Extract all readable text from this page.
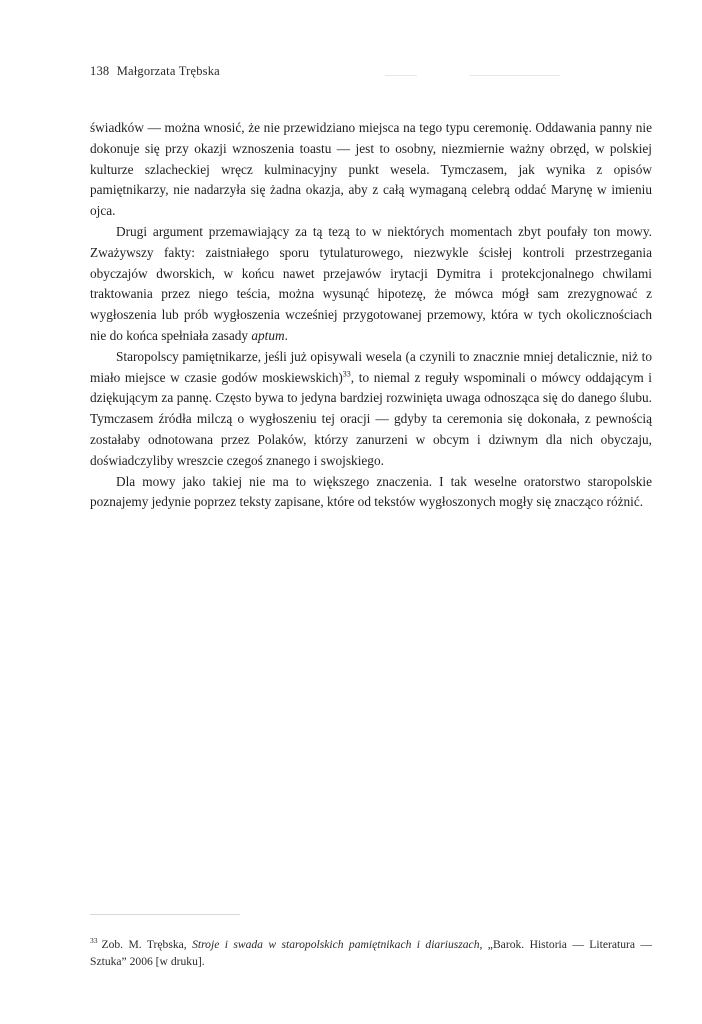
138 Małgorzata Trębska

świadków — można wnosić, że nie przewidziano miejsca na tego typu ceremonię. Oddawania panny nie dokonuje się przy okazji wznoszenia toastu — jest to osobny, niezmiernie ważny obrzęd, w polskiej kulturze szlacheckiej wręcz kulminacyjny punkt wesela. Tymczasem, jak wynika z opisów pamiętnikarzy, nie nadarzyła się żadna okazja, aby z całą wymaganą celebrą oddać Marynę w imieniu ojca.

Drugi argument przemawiający za tą tezą to w niektórych momentach zbyt poufały ton mowy. Zważywszy fakty: zaistniałego sporu tytulaturowego, niezwykle ścisłej kontroli przestrzegania obyczajów dworskich, w końcu nawet przejawów irytacji Dymitra i protekcjonalnego chwilami traktowania przez niego teścia, można wysunąć hipotezę, że mówca mógł sam zrezygnować z wygłoszenia lub prób wygłoszenia wcześniej przygotowanej przemowy, która w tych okolicznościach nie do końca spełniała zasady aptum.

Staropolscy pamiętnikarze, jeśli już opisywali wesela (a czynili to znacznie mniej detalicznie, niż to miało miejsce w czasie godów moskiewskich)$^{33}$, to niemal z reguły wspominali o mówcy oddającym i dziękującym za pannę. Często bywa to jedyna bardziej rozwinięta uwaga odnosząca się do danego ślubu. Tymczasem źródła milczą o wygłoszeniu tej oracji — gdyby ta ceremonia się dokonała, z pewnością zostałaby odnotowana przez Polaków, którzy zanurzeni w obcym i dziwnym dla nich obyczaju, doświadczyliby wreszcie czegoś znanego i swojskiego.

Dla mowy jako takiej nie ma to większego znaczenia. I tak weselne oratorstwo staropolskie poznajemy jedynie poprzez teksty zapisane, które od tekstów wygłoszonych mogły się znacząco różnić.

$^{33}$ Zob. M. Trębska, Stroje i swada w staropolskich pamiętnikach i diariuszach, „Barok. Historia — Literatura — Sztuka” 2006 [w druku].
